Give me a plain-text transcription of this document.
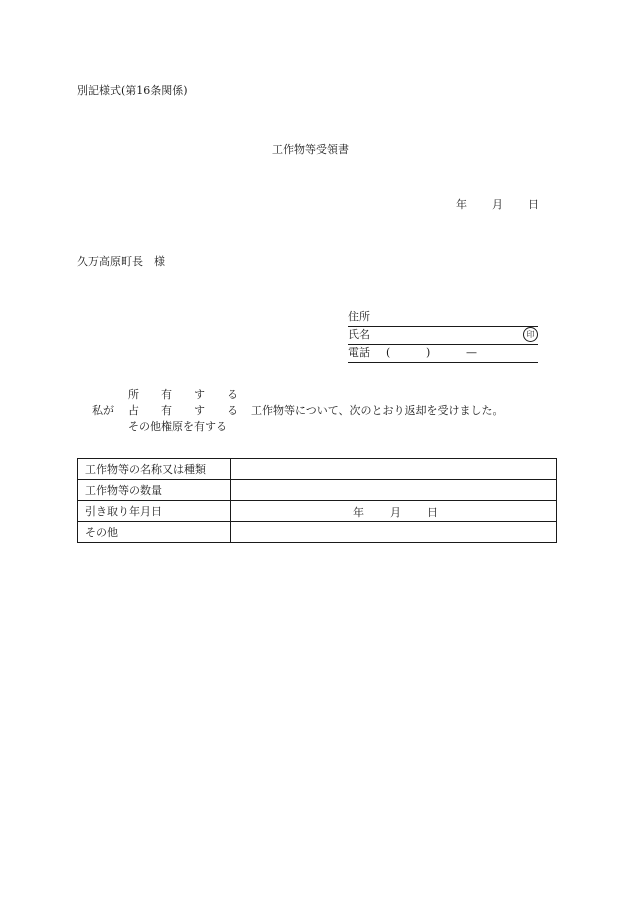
別記様式(第16条関係)
工作物等受領書
年 月 日
久万高原町長　様
住所
氏名	印
電話 (	)	—
所 有 す る
私が 占 有 す る 工作物等について、次のとおり返却を受けました。
その他権原を有する
工作物等の名称又は種類	
工作物等の数量	
引き取り年月日	年 月 日

その他	
